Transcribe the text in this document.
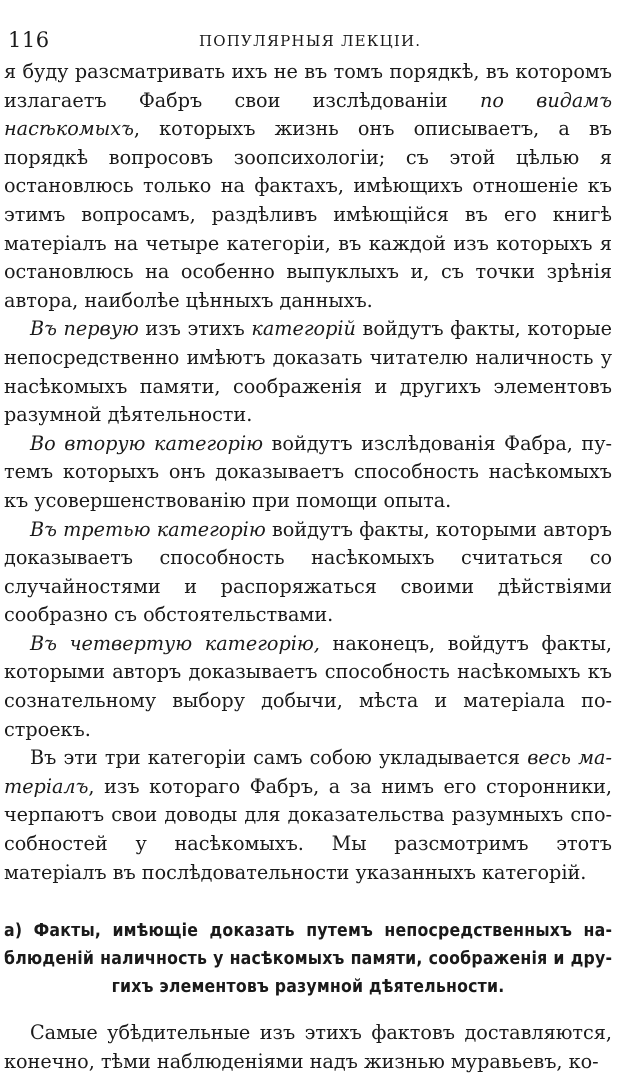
116	ПОПУЛЯРНЫЯ ЛЕКЦІИ.

я буду разсматривать ихъ не въ томъ порядкѣ, въ которомъ излагаетъ Фабръ свои изслѣдованіи по видамъ насѣкомыхъ, которыхъ жизнь онъ описываетъ, а въ порядкѣ вопросовъ зоопсихологіи; съ этой цѣлью я остановлюсь только на фактахъ, имѣющихъ отношеніе къ этимъ вопросамъ, раздѣливъ имѣющійся въ его книгѣ матеріалъ на четыре категоріи, въ каждой изъ которыхъ я остановлюсь на особенно выпуклыхъ и, съ точки зрѣнія автора, наиболѣе цѣнныхъ данныхъ.

Въ первую изъ этихъ категорій войдутъ факты, которые непосредственно имѣютъ доказать читателю наличность у насѣкомыхъ памяти, соображенія и другихъ элементовъ разумной дѣятельности.

Во вторую категорію войдутъ изслѣдованія Фабра, путемъ которыхъ онъ доказываетъ способность насѣкомыхъ къ усовершенствованію при помощи опыта.

Въ третью категорію войдутъ факты, которыми авторъ доказываетъ способность насѣкомыхъ считаться со случайностями и распоряжаться своими дѣйствіями сообразно съ обстоятельствами.

Въ четвертую категорію, наконецъ, войдутъ факты, которыми авторъ доказываетъ способность насѣкомыхъ къ сознательному выбору добычи, мѣста и матеріала построекъ.

Въ эти три категоріи самъ собою укладывается весь матеріалъ, изъ котораго Фабръ, а за нимъ его сторонники, черпаютъ свои доводы для доказательства разумныхъ способностей у насѣкомыхъ. Мы разсмотримъ этотъ матеріалъ въ послѣдовательности указанныхъ категорій.

а) Факты, имѣющіе доказать путемъ непосредственныхъ наблюденій наличность у насѣкомыхъ памяти, соображенія и другихъ элементовъ разумной дѣятельности.

Самые убѣдительные изъ этихъ фактовъ доставляются, конечно, тѣми наблюденіями надъ жизнью муравьевъ, ко-
